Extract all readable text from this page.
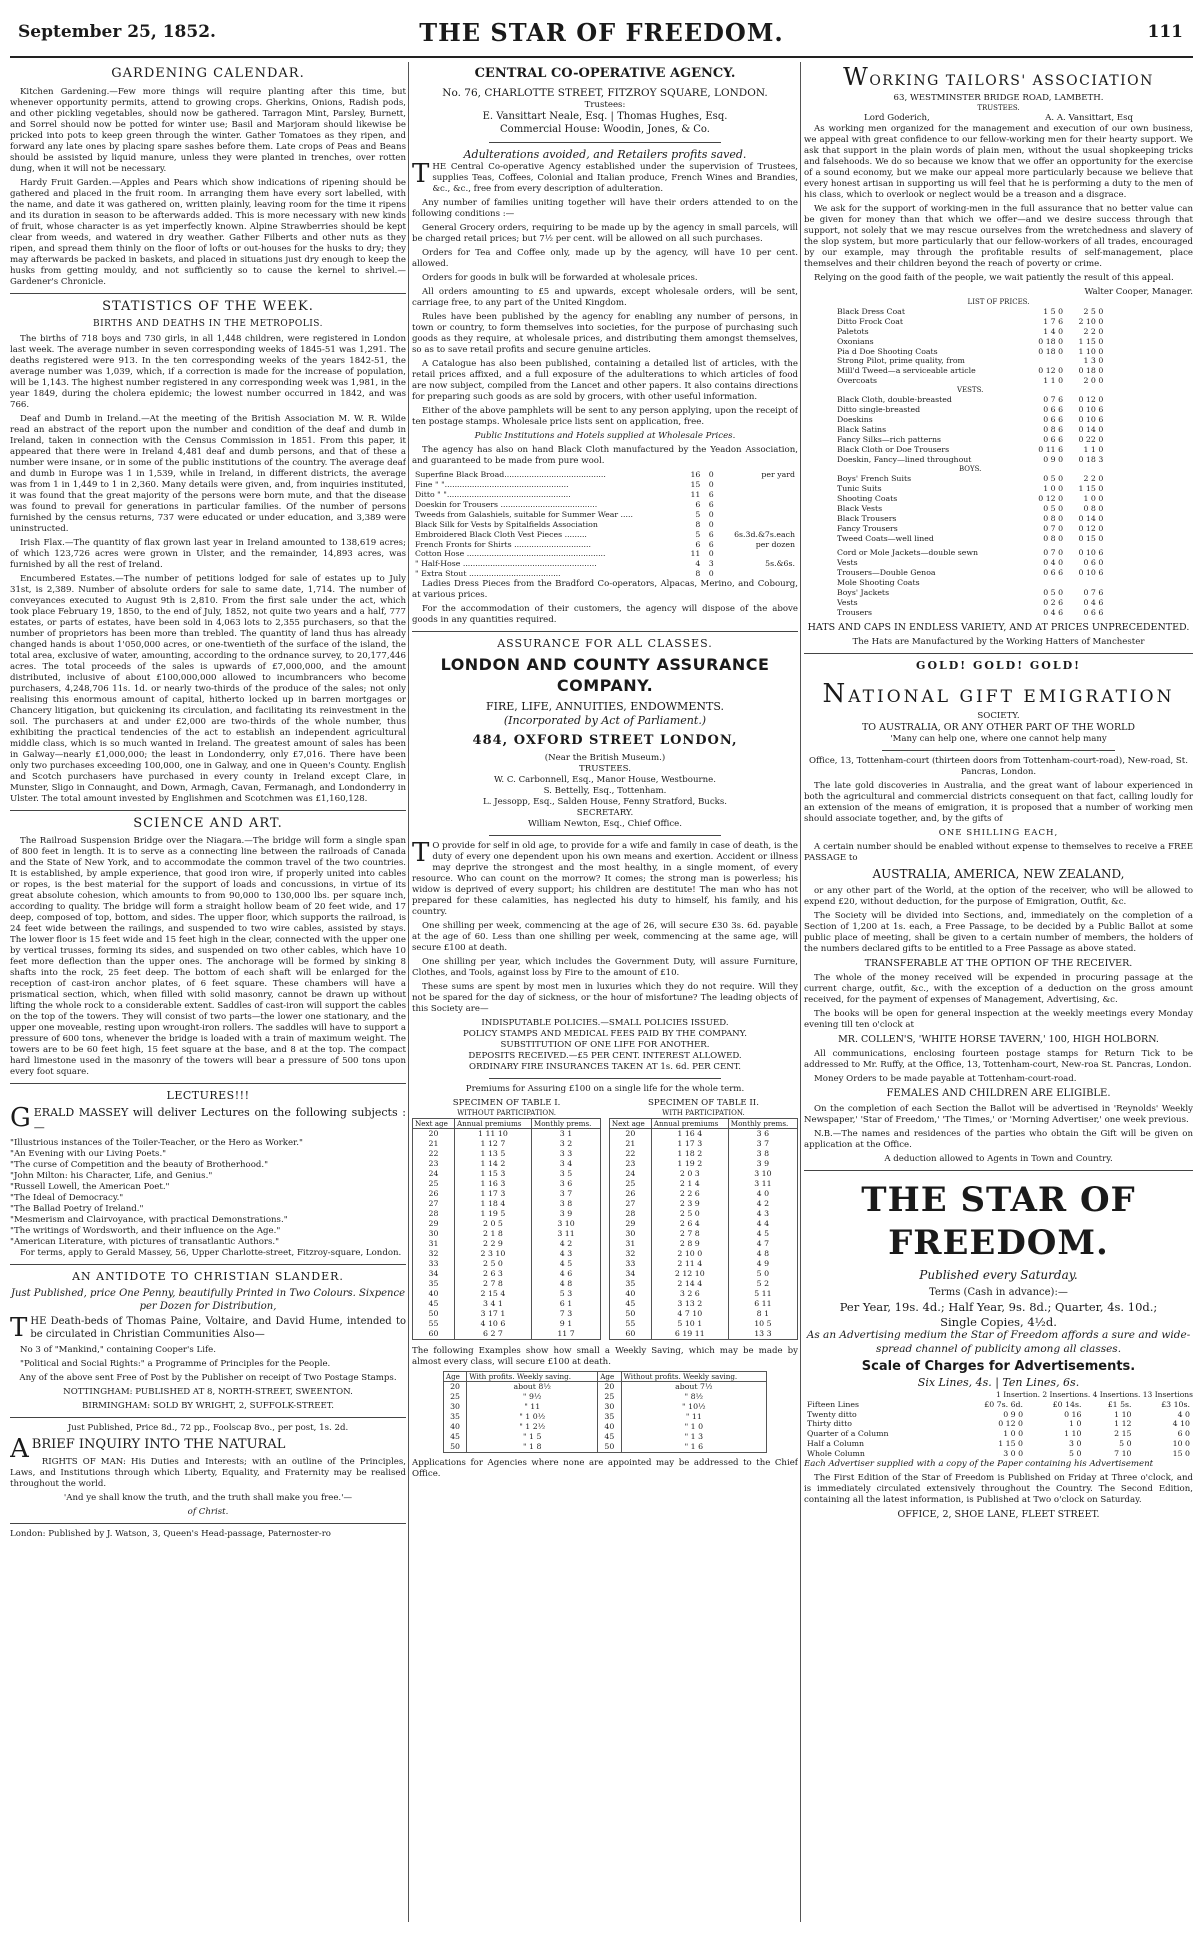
September 25, 1852.	THE STAR OF FREEDOM.	111
GARDENING CALENDAR.

Kitchen Gardening.—Few more things will require planting after this time, but whenever opportunity permits, attend to growing crops. Gherkins, Onions, Radish pods, and other pickling vegetables, should now be gathered. Tarragon Mint, Parsley, Burnett, and Sorrel should now be potted for winter use; Basil and Marjoram should likewise be pricked into pots to keep green through the winter. Gather Tomatoes as they ripen, and forward any late ones by placing spare sashes before them. Late crops of Peas and Beans should be assisted by liquid manure, unless they were planted in trenches, over rotten dung, when it will not be necessary.

Hardy Fruit Garden.—Apples and Pears which show indications of ripening should be gathered and placed in the fruit room. In arranging them have every sort labelled, with the name, and date it was gathered on, written plainly, leaving room for the time it ripens and its duration in season to be afterwards added. This is more necessary with new kinds of fruit, whose character is as yet imperfectly known. Alpine Strawberries should be kept clear from weeds, and watered in dry weather. Gather Filberts and other nuts as they ripen, and spread them thinly on the floor of lofts or out-houses for the husks to dry; they may afterwards be packed in baskets, and placed in situations just dry enough to keep the husks from getting mouldy, and not sufficiently so to cause the kernel to shrivel.—Gardener's Chronicle.

STATISTICS OF THE WEEK.
BIRTHS AND DEATHS IN THE METROPOLIS.

The births of 718 boys and 730 girls, in all 1,448 children, were registered in London last week. The average number in seven corresponding weeks of 1845-51 was 1,291. The deaths registered were 913. In the ten corresponding weeks of the years 1842-51, the average number was 1,039, which, if a correction is made for the increase of population, will be 1,143. The highest number registered in any corresponding week was 1,981, in the year 1849, during the cholera epidemic; the lowest number occurred in 1842, and was 766.

Deaf and Dumb in Ireland.—At the meeting of the British Association M. W. R. Wilde read an abstract of the report upon the number and condition of the deaf and dumb in Ireland, taken in connection with the Census Commission in 1851. From this paper, it appeared that there were in Ireland 4,481 deaf and dumb persons, and that of these a number were insane, or in some of the public institutions of the country. The average deaf and dumb in Europe was 1 in 1,539, while in Ireland, in different districts, the average was from 1 in 1,449 to 1 in 2,360. Many details were given, and, from inquiries instituted, it was found that the great majority of the persons were born mute, and that the disease was found to prevail for generations in particular families. Of the number of persons furnished by the census returns, 737 were educated or under education, and 3,389 were uninstructed.

Irish Flax.—The quantity of flax grown last year in Ireland amounted to 138,619 acres; of which 123,726 acres were grown in Ulster, and the remainder, 14,893 acres, was furnished by all the rest of Ireland.

Encumbered Estates.—The number of petitions lodged for sale of estates up to July 31st, is 2,389. Number of absolute orders for sale to same date, 1,714. The number of conveyances executed to August 9th is 2,810. From the first sale under the act, which took place February 19, 1850, to the end of July, 1852, not quite two years and a half, 777 estates, or parts of estates, have been sold in 4,063 lots to 2,355 purchasers, so that the number of proprietors has been more than trebled. The quantity of land thus has already changed hands is about 1'050,000 acres, or one-twentieth of the surface of the island, the total area, exclusive of water, amounting, according to the ordnance survey, to 20,177,446 acres. The total proceeds of the sales is upwards of £7,000,000, and the amount distributed, inclusive of about £100,000,000 allowed to incumbrancers who become purchasers, 4,248,706 11s. 1d. or nearly two-thirds of the produce of the sales; not only realising this enormous amount of capital, hitherto locked up in barren mortgages or Chancery litigation, but quickening its circulation, and facilitating its reinvestment in the soil. The purchasers at and under £2,000 are two-thirds of the whole number, thus exhibiting the practical tendencies of the act to establish an independent agricultural middle class, which is so much wanted in Ireland. The greatest amount of sales has been in Galway—nearly £1,000,000; the least in Londonderry, only £7,016. There have been only two purchases exceeding 100,000, one in Galway, and one in Queen's County. English and Scotch purchasers have purchased in every county in Ireland except Clare, in Munster, Sligo in Connaught, and Down, Armagh, Cavan, Fermanagh, and Londonderry in Ulster. The total amount invested by Englishmen and Scotchmen was £1,160,128.

SCIENCE AND ART.

The Railroad Suspension Bridge over the Niagara.—The bridge will form a single span of 800 feet in length. It is to serve as a connecting line between the railroads of Canada and the State of New York, and to accommodate the common travel of the two countries. It is established, by ample experience, that good iron wire, if properly united into cables or ropes, is the best material for the support of loads and concussions, in virtue of its great absolute cohesion, which amounts to from 90,000 to 130,000 lbs. per square inch, according to quality. The bridge will form a straight hollow beam of 20 feet wide, and 17 deep, composed of top, bottom, and sides. The upper floor, which supports the railroad, is 24 feet wide between the railings, and suspended to two wire cables, assisted by stays. The lower floor is 15 feet wide and 15 feet high in the clear, connected with the upper one by vertical trusses, forming its sides, and suspended on two other cables, which have 10 feet more deflection than the upper ones. The anchorage will be formed by sinking 8 shafts into the rock, 25 feet deep. The bottom of each shaft will be enlarged for the reception of cast-iron anchor plates, of 6 feet square. These chambers will have a prismatical section, which, when filled with solid masonry, cannot be drawn up without lifting the whole rock to a considerable extent. Saddles of cast-iron will support the cables on the top of the towers. They will consist of two parts—the lower one stationary, and the upper one moveable, resting upon wrought-iron rollers. The saddles will have to support a pressure of 600 tons, whenever the bridge is loaded with a train of maximum weight. The towers are to be 60 feet high, 15 feet square at the base, and 8 at the top. The compact hard limestone used in the masonry of the towers will bear a pressure of 500 tons upon every foot square.

LECTURES!!!

GERALD MASSEY will deliver Lectures on the following subjects :—

"Illustrious instances of the Toiler-Teacher, or the Hero as Worker."
"An Evening with our Living Poets."
"The curse of Competition and the beauty of Brotherhood."
"John Milton: his Character, Life, and Genius."
"Russell Lowell, the American Poet."
"The Ideal of Democracy."
"The Ballad Poetry of Ireland."
"Mesmerism and Clairvoyance, with practical Demonstrations."
"The writings of Wordsworth, and their influence on the Age."
"American Literature, with pictures of transatlantic Authors."

For terms, apply to Gerald Massey, 56, Upper Charlotte-street, Fitzroy-square, London.

AN ANTIDOTE TO CHRISTIAN SLANDER.

Just Published, price One Penny, beautifully Printed in Two Colours. Sixpence per Dozen for Distribution,

THE Death-beds of Thomas Paine, Voltaire, and David Hume, intended to be circulated in Christian Communities Also—

No 3 of "Mankind," containing Cooper's Life.

"Political and Social Rights:" a Programme of Principles for the People.

Any of the above sent Free of Post by the Publisher on receipt of Two Postage Stamps.

NOTTINGHAM: PUBLISHED AT 8, NORTH-STREET, SWEENTON.

BIRMINGHAM: SOLD BY WRIGHT, 2, SUFFOLK-STREET.

Just Published, Price 8d., 72 pp., Foolscap 8vo., per post, 1s. 2d.

ABRIEF INQUIRY INTO THE NATURAL

RIGHTS OF MAN: His Duties and Interests; with an outline of the Principles, Laws, and Institutions through which Liberty, Equality, and Fraternity may be realised throughout the world.

'And ye shall know the truth, and the truth shall make you free.'—

of Christ.

London: Published by J. Watson, 3, Queen's Head-passage, Paternoster-ro

CENTRAL CO-OPERATIVE AGENCY.
No. 76, CHARLOTTE STREET, FITZROY SQUARE, LONDON.
Trustees:
E. Vansittart Neale, Esq. | Thomas Hughes, Esq.
Commercial House: Woodin, Jones, & Co.
Adulterations avoided, and Retailers profits saved.

THE Central Co-operative Agency established under the supervision of Trustees, supplies Teas, Coffees, Colonial and Italian produce, French Wines and Brandies, &c., &c., free from every description of adulteration.

Any number of families uniting together will have their orders attended to on the following conditions :—

General Grocery orders, requiring to be made up by the agency in small parcels, will be charged retail prices; but 7½ per cent. will be allowed on all such purchases.

Orders for Tea and Coffee only, made up by the agency, will have 10 per cent. allowed.

Orders for goods in bulk will be forwarded at wholesale prices.

All orders amounting to £5 and upwards, except wholesale orders, will be sent, carriage free, to any part of the United Kingdom.

Rules have been published by the agency for enabling any number of persons, in town or country, to form themselves into societies, for the purpose of purchasing such goods as they require, at wholesale prices, and distributing them amongst themselves, so as to save retail profits and secure genuine articles.

A Catalogue has also been published, containing a detailed list of articles, with the retail prices affixed, and a full exposure of the adulterations to which articles of food are now subject, compiled from the Lancet and other papers. It also contains directions for preparing such goods as are sold by grocers, with other useful information.

Either of the above pamphlets will be sent to any person applying, upon the receipt of ten postage stamps. Wholesale price lists sent on application, free.

Public Institutions and Hotels supplied at Wholesale Prices.

The agency has also on hand Black Cloth manufactured by the Yeadon Association, and guaranteed to be made from pure wool.

Superfine Black Broad.........................................	16	0	per yard
Fine " "..................................................	15	0	
Ditto " "..................................................	11	6	
Doeskin for Trousers .......................................	6	6	
Tweeds from Galashiels, suitable for Summer Wear .....	5	0	
Black Silk for Vests by Spitalfields Association	8	0	
Embroidered Black Cloth Vest Pieces .........	5	6	6s.3d.&7s.each
French Fronts for Shirts ...............................	6	6	per dozen
Cotton Hose ........................................................	11	0	
" Half-Hose ......................................................	4	3	5s.&6s.
" Extra Stout .....................................	8	0	

Ladies Dress Pieces from the Bradford Co-operators, Alpacas, Merino, and Cobourg, at various prices.

For the accommodation of their customers, the agency will dispose of the above goods in any quantities required.

ASSURANCE FOR ALL CLASSES.
LONDON AND COUNTY ASSURANCE COMPANY.
FIRE, LIFE, ANNUITIES, ENDOWMENTS.
(Incorporated by Act of Parliament.)
484, OXFORD STREET LONDON,
(Near the British Museum.)
TRUSTEES.
W. C. Carbonnell, Esq., Manor House, Westbourne.
S. Bettelly, Esq., Tottenham.
L. Jessopp, Esq., Salden House, Fenny Stratford, Bucks.
SECRETARY.
William Newton, Esq., Chief Office.

T O provide for self in old age, to provide for a wife and family in case of death, is the duty of every one dependent upon his own means and exertion. Accident or illness may deprive the strongest and the most healthy, in a single moment, of every resource. Who can count on the morrow? It comes; the strong man is powerless; his widow is deprived of every support; his children are destitute! The man who has not prepared for these calamities, has neglected his duty to himself, his family, and his country.

One shilling per week, commencing at the age of 26, will secure £30 3s. 6d. payable at the age of 60. Less than one shilling per week, commencing at the same age, will secure £100 at death.

One shilling per year, which includes the Government Duty, will assure Furniture, Clothes, and Tools, against loss by Fire to the amount of £10.

These sums are spent by most men in luxuries which they do not require. Will they not be spared for the day of sickness, or the hour of misfortune? The leading objects of this Society are—

INDISPUTABLE POLICIES.—SMALL POLICIES ISSUED.
POLICY STAMPS AND MEDICAL FEES PAID BY THE COMPANY.
SUBSTITUTION OF ONE LIFE FOR ANOTHER.
DEPOSITS RECEIVED.—£5 PER CENT. INTEREST ALLOWED.
ORDINARY FIRE INSURANCES TAKEN AT 1s. 6d. PER CENT.

Premiums for Assuring £100 on a single life for the whole term.

SPECIMEN OF TABLE I.
WITHOUT PARTICIPATION.
Next age	Annual premiums	Monthly prems.
20	1 11 10	3 1
21	1 12 7	3 2
22	1 13 5	3 3
23	1 14 2	3 4
24	1 15 3	3 5
25	1 16 3	3 6
26	1 17 3	3 7
27	1 18 4	3 8
28	1 19 5	3 9
29	2 0 5	3 10
30	2 1 8	3 11
31	2 2 9	4 2
32	2 3 10	4 3
33	2 5 0	4 5
34	2 6 3	4 6
35	2 7 8	4 8
40	2 15 4	5 3
45	3 4 1	6 1
50	3 17 1	7 3
55	4 10 6	9 1
60	6 2 7	11 7
SPECIMEN OF TABLE II.
WITH PARTICIPATION.
Next age	Annual premiums	Monthly prems.
20	1 16 4	3 6
21	1 17 3	3 7
22	1 18 2	3 8
23	1 19 2	3 9
24	2 0 3	3 10
25	2 1 4	3 11
26	2 2 6	4 0
27	2 3 9	4 2
28	2 5 0	4 3
29	2 6 4	4 4
30	2 7 8	4 5
31	2 8 9	4 7
32	2 10 0	4 8
33	2 11 4	4 9
34	2 12 10	5 0
35	2 14 4	5 2
40	3 2 6	5 11
45	3 13 2	6 11
50	4 7 10	8 1
55	5 10 1	10 5
60	6 19 11	13 3

The following Examples show how small a Weekly Saving, which may be made by almost every class, will secure £100 at death.

Age	With profits. Weekly saving.	Age	Without profits. Weekly saving.
20	about 8½	20	about 7½
25	" 9½	25	" 8½
30	" 11	30	" 10½
35	" 1 0½	35	" 11
40	" 1 2½	40	" 1 0
45	" 1 5	45	" 1 3
50	" 1 8	50	" 1 6

Applications for Agencies where none are appointed may be addressed to the Chief Office.

WORKING TAILORS' ASSOCIATION
63, WESTMINSTER BRIDGE ROAD, LAMBETH.
TRUSTEES.
Lord Goderich,	A. A. Vansittart, Esq

As working men organized for the management and execution of our own business, we appeal with great confidence to our fellow-working men for their hearty support. We ask that support in the plain words of plain men, without the usual shopkeeping tricks and falsehoods. We do so because we know that we offer an opportunity for the exercise of a sound economy, but we make our appeal more particularly because we believe that every honest artisan in supporting us will feel that he is performing a duty to the men of his class, which to overlook or neglect would be a treason and a disgrace.

We ask for the support of working-men in the full assurance that no better value can be given for money than that which we offer—and we desire success through that support, not solely that we may rescue ourselves from the wretchedness and slavery of the slop system, but more particularly that our fellow-workers of all trades, encouraged by our example, may through the profitable results of self-management, place themselves and their children beyond the reach of poverty or crime.

Relying on the good faith of the people, we wait patiently the result of this appeal.

Walter Cooper, Manager.
LIST OF PRICES.
Black Dress Coat	1 5 0	2 5 0
Ditto Frock Coat	1 7 6	2 10 0
Paletots	1 4 0	2 2 0
Oxonians	0 18 0	1 15 0
Pia d Doe Shooting Coats	0 18 0	1 10 0
Strong Pilot, prime quality, from		1 3 0
Mill'd Tweed—a serviceable article	0 12 0	0 18 0
Overcoats	1 1 0	2 0 0
VESTS.		
Black Cloth, double-breasted	0 7 6	0 12 0
Ditto single-breasted	0 6 6	0 10 6
Doeskins	0 6 6	0 10 6
Black Satins	0 8 6	0 14 0
Fancy Silks—rich patterns	0 6 6	0 22 0
Black Cloth or Doe Trousers	0 11 6	1 1 0
Doeskin, Fancy—lined throughout	0 9 0	0 18 3
BOYS.		
Boys' French Suits	0 5 0	2 2 0
Tunic Suits	1 0 0	1 15 0
Shooting Coats	0 12 0	1 0 0
Black Vests	0 5 0	0 8 0
Black Trousers	0 8 0	0 14 0
Fancy Trousers	0 7 0	0 12 0
Tweed Coats—well lined	0 8 0	0 15 0

Cord or Mole Jackets—double sewn	0 7 0	0 10 6
Vests	0 4 0	0 6 0
Trousers—Double Genoa	0 6 6	0 10 6
Mole Shooting Coats		
Boys' Jackets	0 5 0	0 7 6
Vests	0 2 6	0 4 6
Trousers	0 4 6	0 6 6

HATS AND CAPS IN ENDLESS VARIETY, AND AT PRICES UNPRECEDENTED.

The Hats are Manufactured by the Working Hatters of Manchester

GOLD! GOLD! GOLD!
NATIONAL GIFT EMIGRATION
SOCIETY.
TO AUSTRALIA, OR ANY OTHER PART OF THE WORLD
'Many can help one, where one cannot help many

Office, 13, Tottenham-court (thirteen doors from Tottenham-court-road), New-road, St. Pancras, London.

The late gold discoveries in Australia, and the great want of labour experienced in both the agricultural and commercial districts consequent on that fact, calling loudly for an extension of the means of emigration, it is proposed that a number of working men should associate together, and, by the gifts of

ONE SHILLING EACH,

A certain number should be enabled without expense to themselves to receive a FREE PASSAGE to

AUSTRALIA, AMERICA, NEW ZEALAND,

or any other part of the World, at the option of the receiver, who will be allowed to expend £20, without deduction, for the purpose of Emigration, Outfit, &c.

The Society will be divided into Sections, and, immediately on the completion of a Section of 1,200 at 1s. each, a Free Passage, to be decided by a Public Ballot at some public place of meeting, shall be given to a certain number of members, the holders of the numbers declared gifts to be entitled to a Free Passage as above stated.

TRANSFERABLE AT THE OPTION OF THE RECEIVER.

The whole of the money received will be expended in procuring passage at the current charge, outfit, &c., with the exception of a deduction on the gross amount received, for the payment of expenses of Management, Advertising, &c.

The books will be open for general inspection at the weekly meetings every Monday evening till ten o'clock at

MR. COLLEN'S, 'WHITE HORSE TAVERN,' 100, HIGH HOLBORN.

All communications, enclosing fourteen postage stamps for Return Tick to be addressed to Mr. Ruffy, at the Office, 13, Tottenham-court, New-roa St. Pancras, London.

Money Orders to be made payable at Tottenham-court-road.

FEMALES AND CHILDREN ARE ELIGIBLE.

On the completion of each Section the Ballot will be advertised in 'Reynolds' Weekly Newspaper,' 'Star of Freedom,' 'The Times,' or 'Morning Advertiser,' one week previous.

N.B.—The names and residences of the parties who obtain the Gift will be given on application at the Office.

A deduction allowed to Agents in Town and Country.

THE STAR OF FREEDOM.
Published every Saturday.
Terms (Cash in advance):—
Per Year, 19s. 4d.; Half Year, 9s. 8d.; Quarter, 4s. 10d.;
Single Copies, 4½d.

As an Advertising medium the Star of Freedom affords a sure and wide-spread channel of publicity among all classes.

Scale of Charges for Advertisements.
Six Lines, 4s. | Ten Lines, 6s.
1 Insertion. 2 Insertions. 4 Insertions. 13 Insertions
Fifteen Lines	£0 7s. 6d.	£0 14s.	£1 5s.	£3 10s.
Twenty ditto	0 9 0	0 16	1 10	4 0
Thirty ditto	0 12 0	1 0	1 12	4 10
Quarter of a Column	1 0 0	1 10	2 15	6 0
Half a Column	1 15 0	3 0	5 0	10 0
Whole Column	3 0 0	5 0	7 10	15 0

Each Advertiser supplied with a copy of the Paper containing his Advertisement

The First Edition of the Star of Freedom is Published on Friday at Three o'clock, and is immediately circulated extensively throughout the Country. The Second Edition, containing all the latest information, is Published at Two o'clock on Saturday.

OFFICE, 2, SHOE LANE, FLEET STREET.
